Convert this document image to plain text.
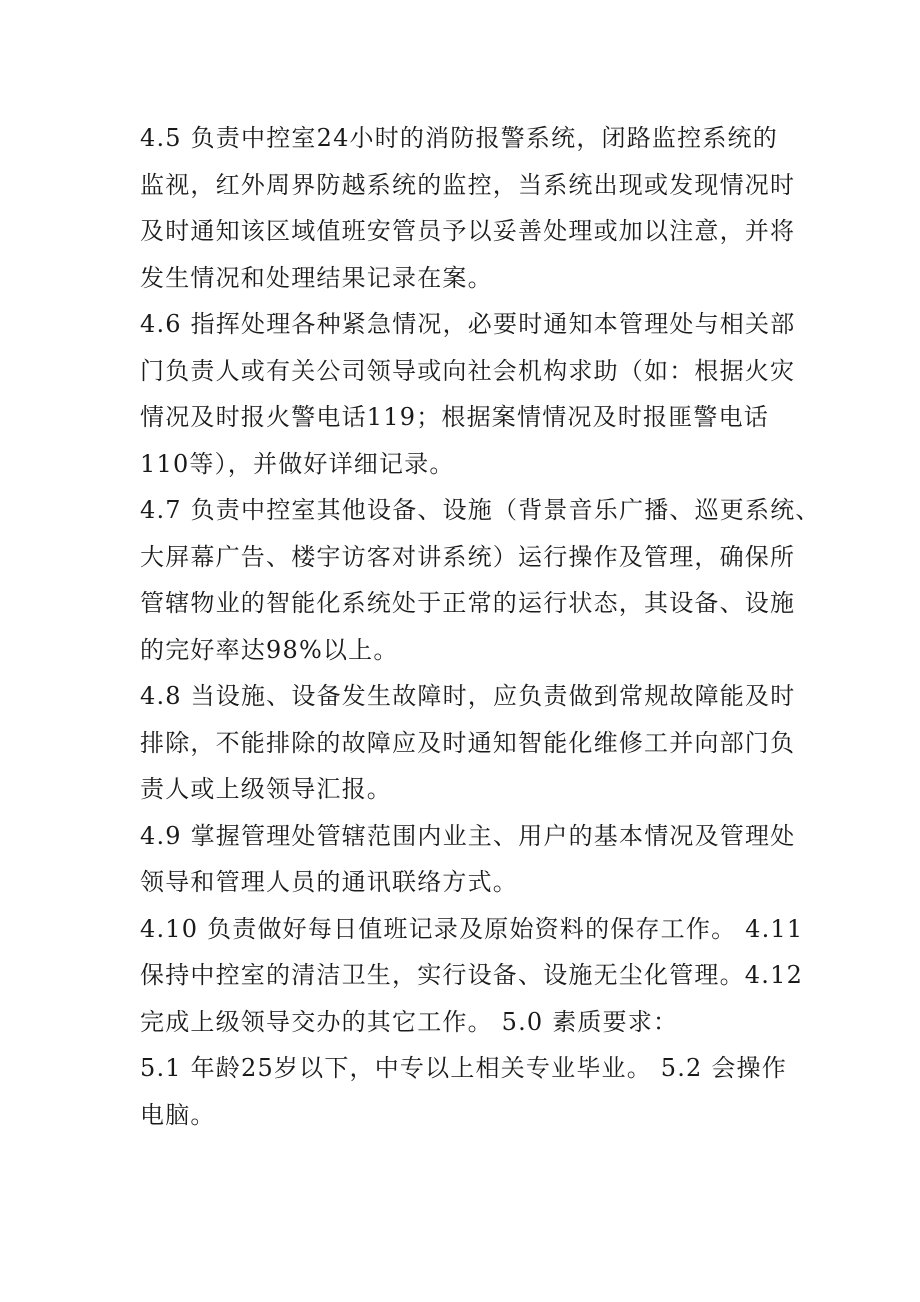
4.5 负责中控室24小时的消防报警系统，闭路监控系统的

监视，红外周界防越系统的监控，当系统出现或发现情况时

及时通知该区域值班安管员予以妥善处理或加以注意，并将

发生情况和处理结果记录在案。

4.6 指挥处理各种紧急情况，必要时通知本管理处与相关部

门负责人或有关公司领导或向社会机构求助（如：根据火灾

情况及时报火警电话119；根据案情情况及时报匪警电话

110等），并做好详细记录。

4.7 负责中控室其他设备、设施（背景音乐广播、巡更系统、

大屏幕广告、楼宇访客对讲系统）运行操作及管理，确保所

管辖物业的智能化系统处于正常的运行状态，其设备、设施

的完好率达98%以上。

4.8 当设施、设备发生故障时，应负责做到常规故障能及时

排除，不能排除的故障应及时通知智能化维修工并向部门负

责人或上级领导汇报。

4.9 掌握管理处管辖范围内业主、用户的基本情况及管理处

领导和管理人员的通讯联络方式。

4.10 负责做好每日值班记录及原始资料的保存工作。 4.11

保持中控室的清洁卫生，实行设备、设施无尘化管理。4.12

完成上级领导交办的其它工作。 5.0 素质要求：

5.1 年龄25岁以下，中专以上相关专业毕业。 5.2 会操作

电脑。
